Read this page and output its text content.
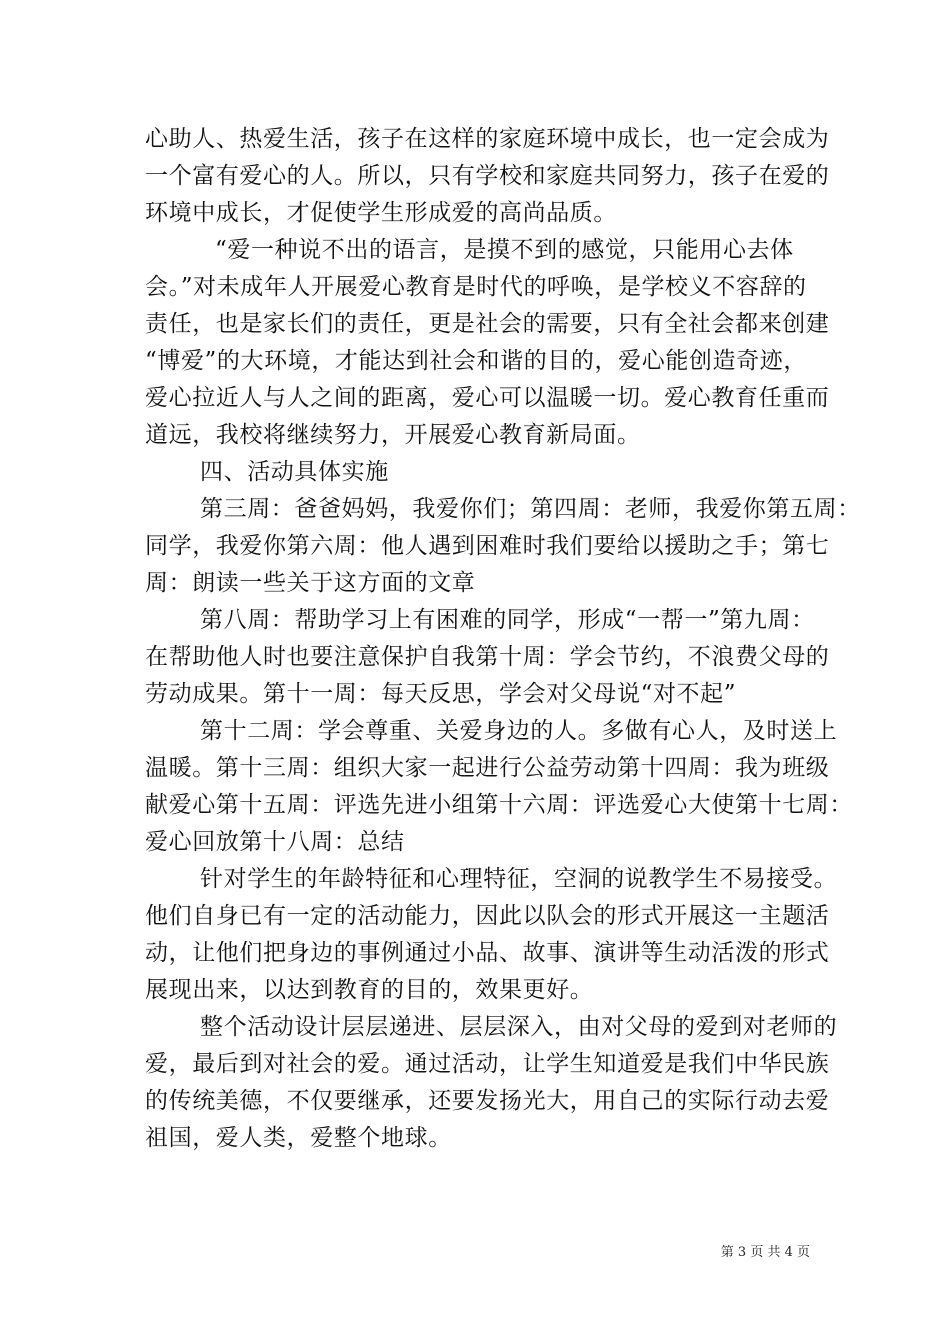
心助人、热爱生活，孩子在这样的家庭环境中成长，也一定会成为
一个富有爱心的人。所以，只有学校和家庭共同努力，孩子在爱的
环境中成长，才促使学生形成爱的高尚品质。
“爱一种说不出的语言，是摸不到的感觉，只能用心去体
会。”对未成年人开展爱心教育是时代的呼唤，是学校义不容辞的
责任，也是家长们的责任，更是社会的需要，只有全社会都来创建
“博爱”的大环境，才能达到社会和谐的目的，爱心能创造奇迹，
爱心拉近人与人之间的距离，爱心可以温暖一切。爱心教育任重而
道远，我校将继续努力，开展爱心教育新局面。
四、活动具体实施
第三周：爸爸妈妈，我爱你们；第四周：老师，我爱你第五周：
同学，我爱你第六周：他人遇到困难时我们要给以援助之手；第七
周：朗读一些关于这方面的文章
第八周：帮助学习上有困难的同学，形成“一帮一”第九周：
在帮助他人时也要注意保护自我第十周：学会节约，不浪费父母的
劳动成果。第十一周：每天反思，学会对父母说“对不起”
第十二周：学会尊重、关爱身边的人。多做有心人，及时送上
温暖。第十三周：组织大家一起进行公益劳动第十四周：我为班级
献爱心第十五周：评选先进小组第十六周：评选爱心大使第十七周：
爱心回放第十八周：总结
针对学生的年龄特征和心理特征，空洞的说教学生不易接受。
他们自身已有一定的活动能力，因此以队会的形式开展这一主题活
动，让他们把身边的事例通过小品、故事、演讲等生动活泼的形式
展现出来，以达到教育的目的，效果更好。
整个活动设计层层递进、层层深入，由对父母的爱到对老师的
爱，最后到对社会的爱。通过活动，让学生知道爱是我们中华民族
的传统美德，不仅要继承，还要发扬光大，用自己的实际行动去爱
祖国，爱人类，爱整个地球。
第 3 页 共 4 页
